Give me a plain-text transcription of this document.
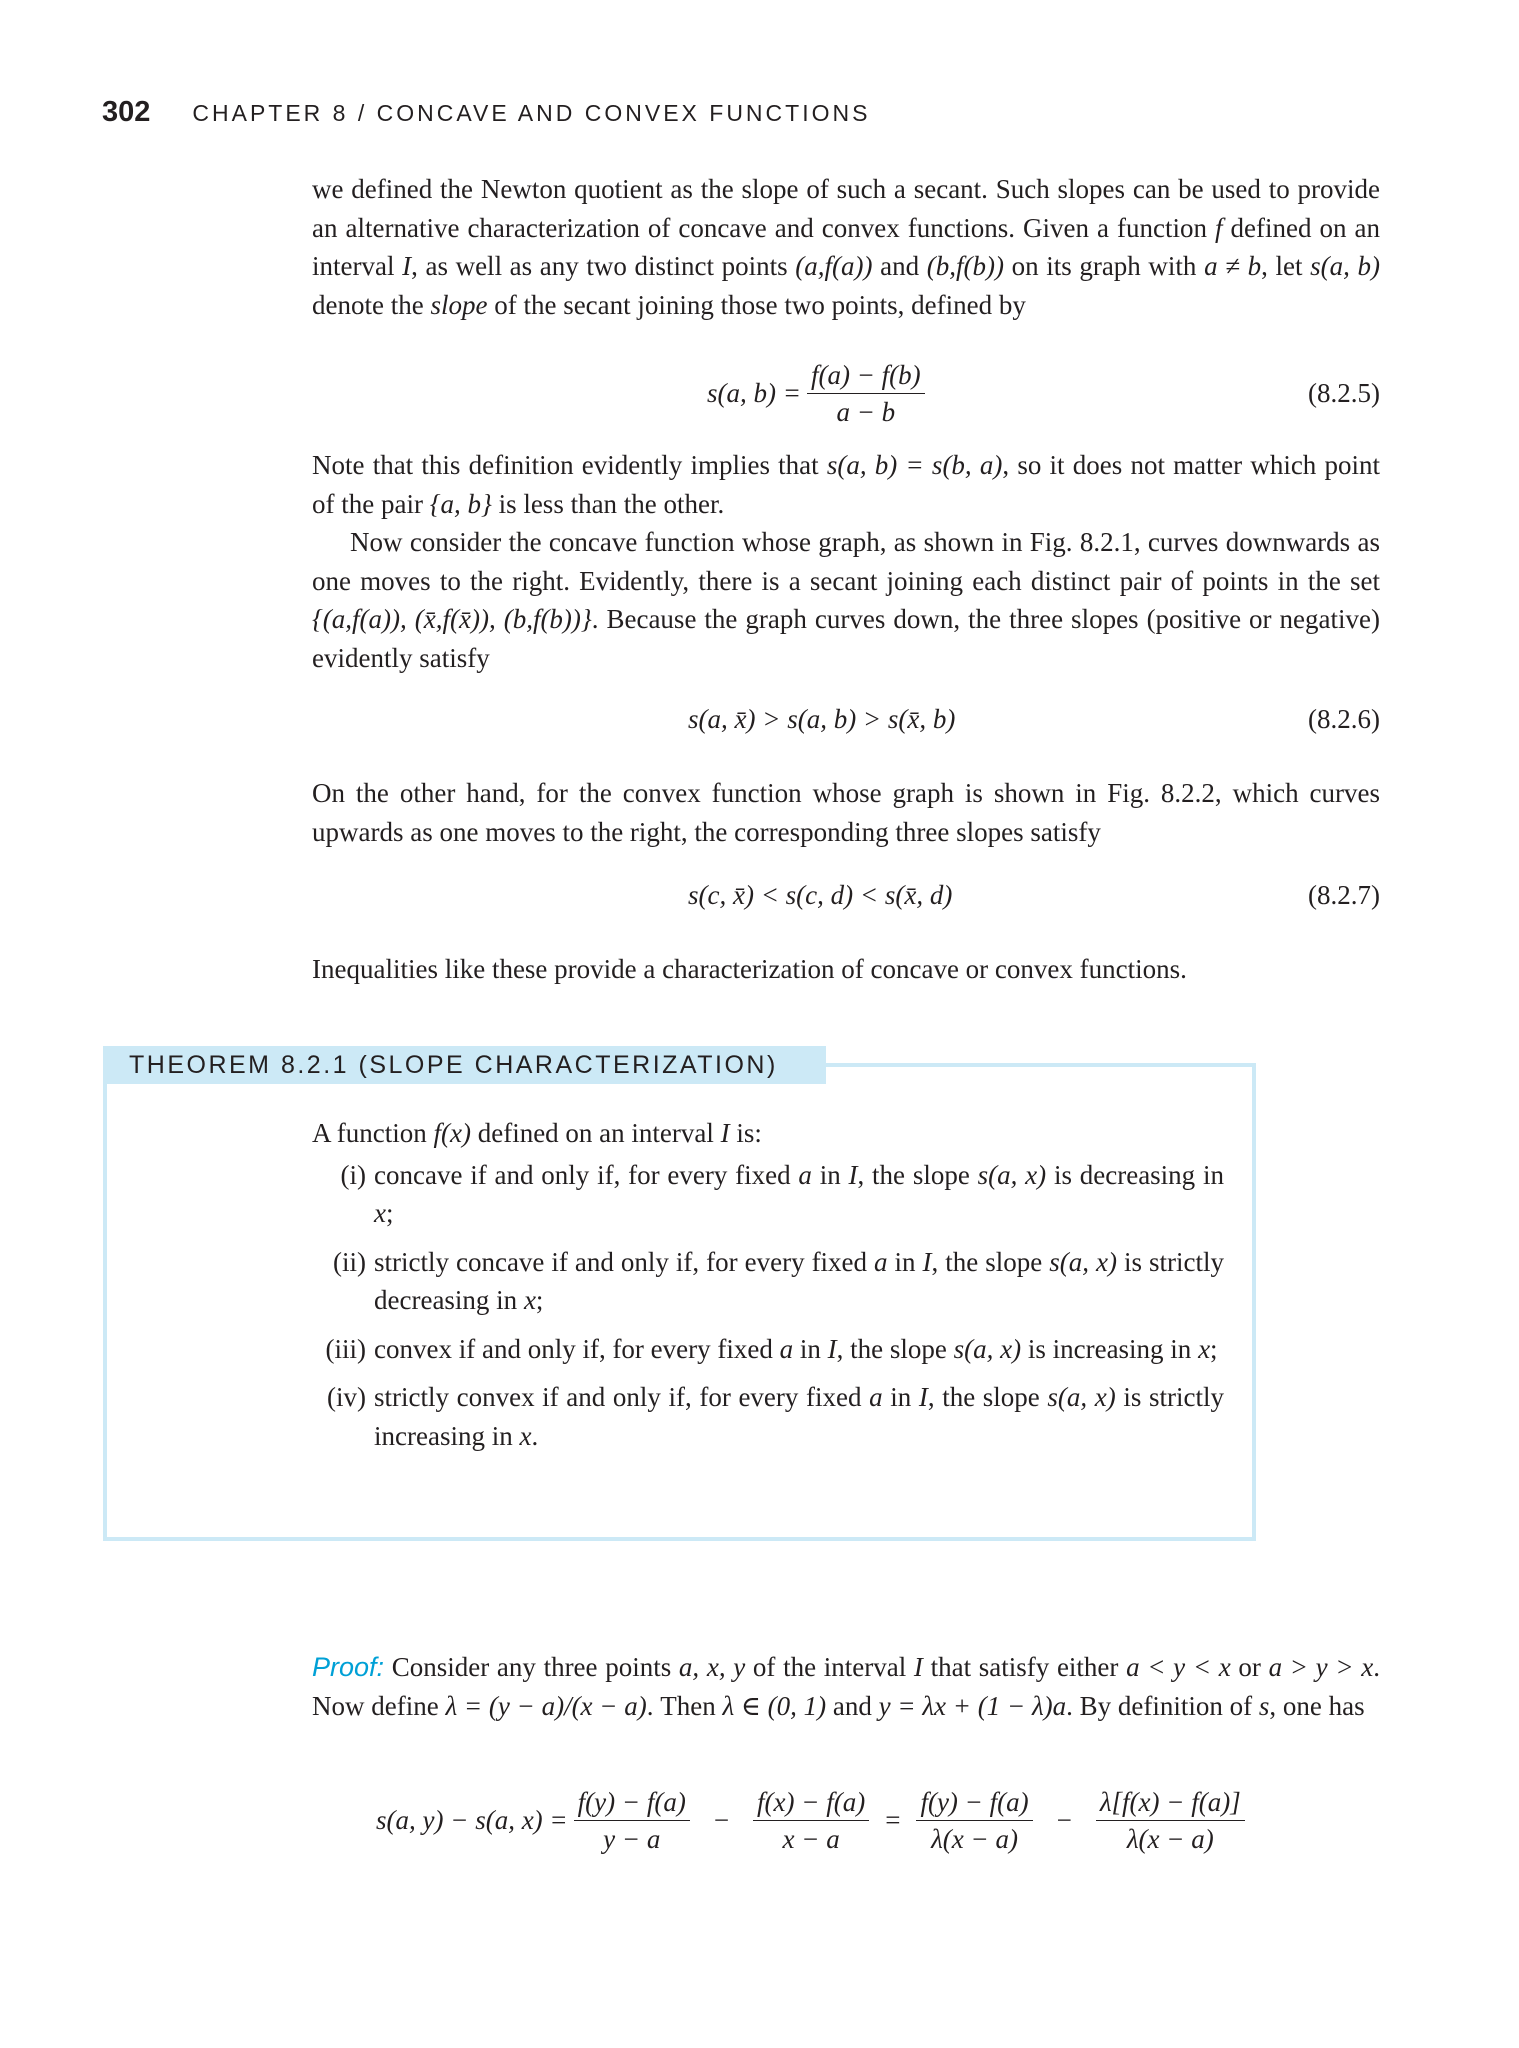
302 CHAPTER 8 / CONCAVE AND CONVEX FUNCTIONS

we defined the Newton quotient as the slope of such a secant. Such slopes can be used to provide an alternative characterization of concave and convex functions. Given a function f defined on an interval I, as well as any two distinct points (a,f(a)) and (b,f(b)) on its graph with a ≠ b, let s(a, b) denote the slope of the secant joining those two points, defined by

s(a, $b) = \frac{f(a) - f(b)}{a - b}$	(8.2.5)

Note that this definition evidently implies that s(a, b) = s(b, a), so it does not matter which point of the pair {a, b} is less than the other.

Now consider the concave function whose graph, as shown in Fig. 8.2.1, curves downwards as one moves to the right. Evidently, there is a secant joining each distinct pair of points in the set {(a,f(a)), (x̄,f(x̄)), (b,f(b))}. Because the graph curves down, the three slopes (positive or negative) evidently satisfy

s(a, x̄) > s(a, b) > s(x̄, b)	(8.2.6)

On the other hand, for the convex function whose graph is shown in Fig. 8.2.2, which curves upwards as one moves to the right, the corresponding three slopes satisfy

s(c, x̄) < s(c, d) < s(x̄, d)	(8.2.7)

Inequalities like these provide a characterization of concave or convex functions.

THEOREM 8.2.1 (SLOPE CHARACTERIZATION)
A function f(x) defined on an interval I is:
(i) concave if and only if, for every fixed a in I, the slope s(a, x) is decreasing in x;
(ii) strictly concave if and only if, for every fixed a in I, the slope s(a, x) is strictly decreasing in x;
(iii) convex if and only if, for every fixed a in I, the slope s(a, x) is increasing in x;
(iv) strictly convex if and only if, for every fixed a in I, the slope s(a, x) is strictly increasing in x.

Proof: Consider any three points a, x, y of the interval I that satisfy either a < y < x or a > y > x. Now define λ = (y − a)/(x − a). Then λ ∈ (0, 1) and y = λx + (1 − λ)a. By definition of s, one has

s(a, y) − s(a, $x) = \frac{f(y) - f(a)}{y - a} - \frac{f(x) - f(a)}{x - a} = \frac{f(y) - f(a)}{\lambda(x - a)} - \frac{\lambda[f(x) - f(a)]}{\lambda(x - a)}$
